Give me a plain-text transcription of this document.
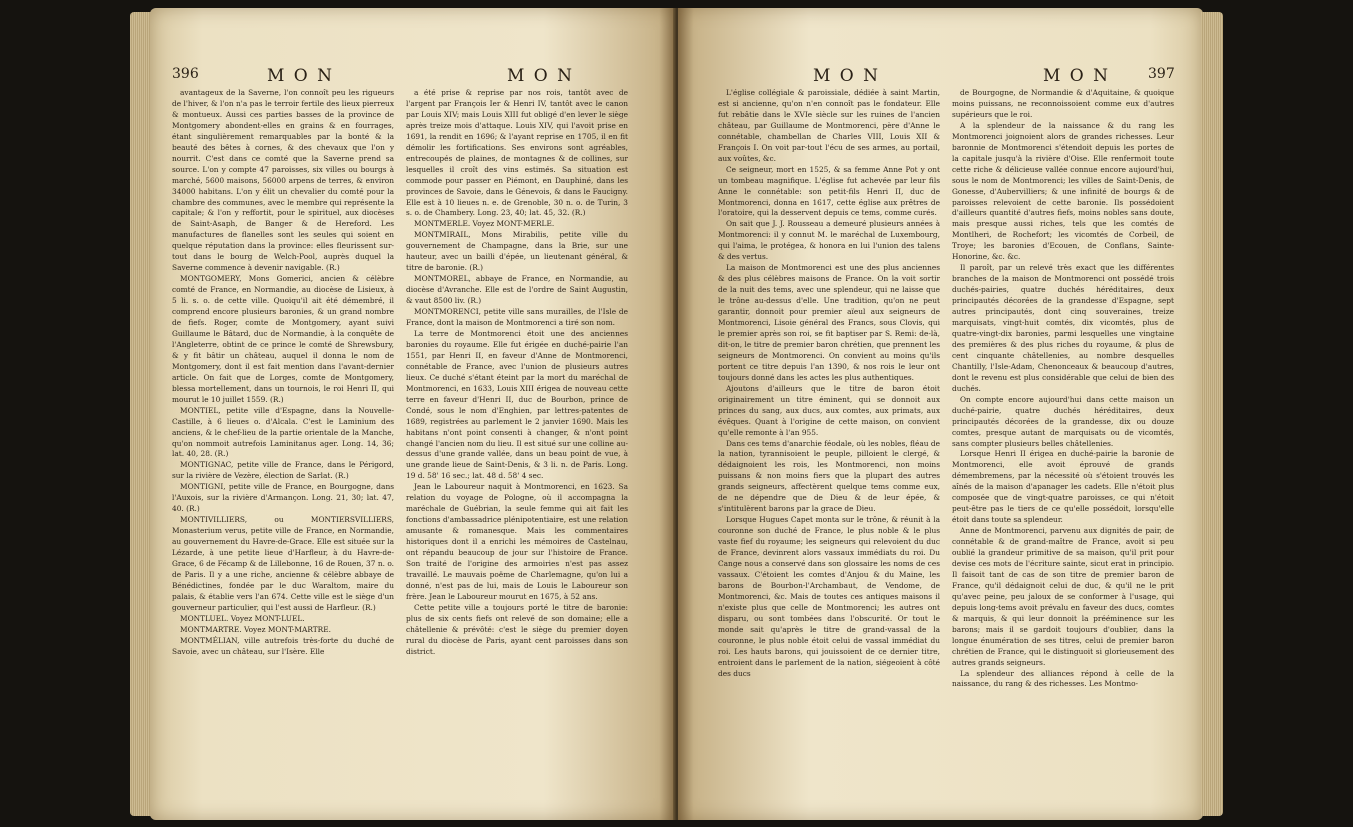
396	M O N	M O N

avantageux de la Saverne, l'on connoît peu les rigueurs de l'hiver, & l'on n'a pas le terroir fertile des lieux pierreux & montueux. Aussi ces parties basses de la province de Montgomery abondent-elles en grains & en fourrages, étant singulièrement remarquables par la bonté & la beauté des bêtes à cornes, & des chevaux que l'on y nourrit. C'est dans ce comté que la Saverne prend sa source. L'on y compte 47 paroisses, six villes ou bourgs à marché, 5600 maisons, 56000 arpens de terres, & environ 34000 habitans. L'on y élit un chevalier du comté pour la chambre des communes, avec le membre qui représente la capitale; & l'on y reffortit, pour le spirituel, aux diocèses de Saint-Asaph, de Banger & de Hereford. Les manufactures de flanelles sont les seules qui soient en quelque réputation dans la province: elles fleurissent sur-tout dans le bourg de Welch-Pool, auprès duquel la Saverne commence à devenir navigable. (R.)

MONTGOMERY, Mons Gomerici, ancien & célèbre comté de France, en Normandie, au diocèse de Lisieux, à 5 li. s. o. de cette ville. Quoiqu'il ait été démembré, il comprend encore plusieurs baronies, & un grand nombre de fiefs. Roger, comte de Montgomery, ayant suivi Guillaume le Bâtard, duc de Normandie, à la conquête de l'Angleterre, obtint de ce prince le comté de Shrewsbury, & y fit bâtir un château, auquel il donna le nom de Montgomery, dont il est fait mention dans l'avant-dernier article. On fait que de Lorges, comte de Montgomery, blessa mortellement, dans un tournois, le roi Henri II, qui mourut le 10 juillet 1559. (R.)

MONTIEL, petite ville d'Espagne, dans la Nouvelle-Castille, à 6 lieues o. d'Alcala. C'est le Laminium des anciens, & le chef-lieu de la partie orientale de la Manche, qu'on nommoit autrefois Laminitanus ager. Long. 14, 36; lat. 40, 28. (R.)

MONTIGNAC, petite ville de France, dans le Périgord, sur la rivière de Vezère, élection de Sarlat. (R.)

MONTIGNI, petite ville de France, en Bourgogne, dans l'Auxois, sur la rivière d'Armançon. Long. 21, 30; lat. 47, 40. (R.)

MONTIVILLIERS, ou MONTIERSVILLIERS, Monasterium verus, petite ville de France, en Normandie, au gouvernement du Havre-de-Grace. Elle est située sur la Lézarde, à une petite lieue d'Harfleur, à du Havre-de-Grace, 6 de Fécamp & de Lillebonne, 16 de Rouen, 37 n. o. de Paris. Il y a une riche, ancienne & célèbre abbaye de Bénédictines, fondée par le duc Waraltom, maire du palais, & établie vers l'an 674. Cette ville est le siège d'un gouverneur particulier, qui l'est aussi de Harfleur. (R.)

MONTLUEL. Voyez MONT-LUEL.

MONTMARTRE. Voyez MONT-MARTRE.

MONTMÉLIAN, ville autrefois très-forte du duché de Savoie, avec un château, sur l'Isère. Elle

a été prise & reprise par nos rois, tantôt avec de l'argent par François Ier & Henri IV, tantôt avec le canon par Louis XIV; mais Louis XIII fut obligé d'en lever le siège après treize mois d'attaque. Louis XIV, qui l'avoit prise en 1691, la rendit en 1696; & l'ayant reprise en 1705, il en fit démolir les fortifications. Ses environs sont agréables, entrecoupés de plaines, de montagnes & de collines, sur lesquelles il croît des vins estimés. Sa situation est commode pour passer en Piémont, en Dauphiné, dans les provinces de Savoie, dans le Génevois, & dans le Faucigny. Elle est à 10 lieues n. e. de Grenoble, 30 n. o. de Turin, 3 s. o. de Chambery. Long. 23, 40; lat. 45, 32. (R.)

MONTMERLE. Voyez MONT-MERLE.

MONTMIRAIL, Mons Mirabilis, petite ville du gouvernement de Champagne, dans la Brie, sur une hauteur, avec un bailli d'épée, un lieutenant général, & titre de baronie. (R.)

MONTMOREL, abbaye de France, en Normandie, au diocèse d'Avranche. Elle est de l'ordre de Saint Augustin, & vaut 8500 liv. (R.)

MONTMORENCI, petite ville sans murailles, de l'Isle de France, dont la maison de Montmorenci a tiré son nom.

La terre de Montmorenci étoit une des anciennes baronies du royaume. Elle fut érigée en duché-pairie l'an 1551, par Henri II, en faveur d'Anne de Montmorenci, connétable de France, avec l'union de plusieurs autres lieux. Ce duché s'étant éteint par la mort du maréchal de Montmorenci, en 1633, Louis XIII érigea de nouveau cette terre en faveur d'Henri II, duc de Bourbon, prince de Condé, sous le nom d'Enghien, par lettres-patentes de 1689, registrées au parlement le 2 janvier 1690. Mais les habitans n'ont point consenti à changer, & n'ont point changé l'ancien nom du lieu. Il est situé sur une colline au-dessus d'une grande vallée, dans un beau point de vue, à une grande lieue de Saint-Denis, & 3 li. n. de Paris. Long. 19 d. 58' 16 sec.; lat. 48 d. 58' 4 sec.

Jean le Laboureur naquit à Montmorenci, en 1623. Sa relation du voyage de Pologne, où il accompagna la maréchale de Guébrian, la seule femme qui ait fait les fonctions d'ambassadrice plénipotentiaire, est une relation amusante & romanesque. Mais les commentaires historiques dont il a enrichi les mémoires de Castelnau, ont répandu beaucoup de jour sur l'histoire de France. Son traité de l'origine des armoiries n'est pas assez travaillé. Le mauvais poëme de Charlemagne, qu'on lui a donné, n'est pas de lui, mais de Louis le Laboureur son frère. Jean le Laboureur mourut en 1675, à 52 ans.

Cette petite ville a toujours porté le titre de baronie: plus de six cents fiefs ont relevé de son domaine; elle a châtellenie & prévôté: c'est le siège du premier doyen rural du diocèse de Paris, ayant cent paroisses dans son district.

M O N	M O N	397

L'église collégiale & paroissiale, dédiée à saint Martin, est si ancienne, qu'on n'en connoît pas le fondateur. Elle fut rebâtie dans le XVIe siècle sur les ruines de l'ancien château, par Guillaume de Montmorenci, père d'Anne le connétable, chambellan de Charles VIII, Louis XII & François I. On voit par-tout l'écu de ses armes, au portail, aux voûtes, &c.

Ce seigneur, mort en 1525, & sa femme Anne Pot y ont un tombeau magnifique. L'église fut achevée par leur fils Anne le connétable: son petit-fils Henri II, duc de Montmorenci, donna en 1617, cette église aux prêtres de l'oratoire, qui la desservent depuis ce tems, comme curés.

On sait que J. J. Rousseau a demeuré plusieurs années à Montmorenci: il y connut M. le maréchal de Luxembourg, qui l'aima, le protégea, & honora en lui l'union des talens & des vertus.

La maison de Montmorenci est une des plus anciennes & des plus célèbres maisons de France. On la voit sortir de la nuit des tems, avec une splendeur, qui ne laisse que le trône au-dessus d'elle. Une tradition, qu'on ne peut garantir, donnoit pour premier aïeul aux seigneurs de Montmorenci, Lisoie général des Francs, sous Clovis, qui le premier après son roi, se fit baptiser par S. Remi: de-là, dit-on, le titre de premier baron chrétien, que prennent les seigneurs de Montmorenci. On convient au moins qu'ils portent ce titre depuis l'an 1390, & nos rois le leur ont toujours donné dans les actes les plus authentiques.

Ajoutons d'ailleurs que le titre de baron étoit originairement un titre éminent, qui se donnoit aux princes du sang, aux ducs, aux comtes, aux primats, aux évêques. Quant à l'origine de cette maison, on convient qu'elle remonte à l'an 955.

Dans ces tems d'anarchie féodale, où les nobles, fléau de la nation, tyrannisoient le peuple, pilloient le clergé, & dédaignoient les rois, les Montmorenci, non moins puissans & non moins fiers que la plupart des autres grands seigneurs, affectèrent quelque tems comme eux, de ne dépendre que de Dieu & de leur épée, & s'intitulèrent barons par la grace de Dieu.

Lorsque Hugues Capet monta sur le trône, & réunit à la couronne son duché de France, le plus noble & le plus vaste fief du royaume; les seigneurs qui relevoient du duc de France, devinrent alors vassaux immédiats du roi. Du Cange nous a conservé dans son glossaire les noms de ces vassaux. C'étoient les comtes d'Anjou & du Maine, les barons de Bourbon-l'Archambaut, de Vendome, de Montmorenci, &c. Mais de toutes ces antiques maisons il n'existe plus que celle de Montmorenci; les autres ont disparu, ou sont tombées dans l'obscurité. Or tout le monde sait qu'après le titre de grand-vassal de la couronne, le plus noble étoit celui de vassal immédiat du roi. Les hauts barons, qui jouissoient de ce dernier titre, entroient dans le parlement de la nation, siégeoient à côté des ducs

de Bourgogne, de Normandie & d'Aquitaine, & quoique moins puissans, ne reconnoissoient comme eux d'autres supérieurs que le roi.

A la splendeur de la naissance & du rang les Montmorenci joignoient alors de grandes richesses. Leur baronnie de Montmorenci s'étendoit depuis les portes de la capitale jusqu'à la rivière d'Oise. Elle renfermoit toute cette riche & délicieuse vallée connue encore aujourd'hui, sous le nom de Montmorenci; les villes de Saint-Denis, de Gonesse, d'Aubervilliers; & une infinité de bourgs & de paroisses relevoient de cette baronie. Ils possédoient d'ailleurs quantité d'autres fiefs, moins nobles sans doute, mais presque aussi riches, tels que les comtés de Montlheri, de Rochefort; les vicomtés de Corbeil, de Troye; les baronies d'Ecouen, de Conflans, Sainte-Honorine, &c. &c.

Il paroît, par un relevé très exact que les différentes branches de la maison de Montmorenci ont possédé trois duchés-pairies, quatre duchés héréditaires, deux principautés décorées de la grandesse d'Espagne, sept autres principautés, dont cinq souveraines, treize marquisats, vingt-huit comtés, dix vicomtés, plus de quatre-vingt-dix baronies, parmi lesquelles une vingtaine des premières & des plus riches du royaume, & plus de cent cinquante châtellenies, au nombre desquelles Chantilly, l'Isle-Adam, Chenonceaux & beaucoup d'autres, dont le revenu est plus considérable que celui de bien des duchés.

On compte encore aujourd'hui dans cette maison un duché-pairie, quatre duchés héréditaires, deux principautés décorées de la grandesse, dix ou douze comtes, presque autant de marquisats ou de vicomtés, sans compter plusieurs belles châtellenies.

Lorsque Henri II érigea en duché-pairie la baronie de Montmorenci, elle avoit éprouvé de grands démembremens, par la nécessité où s'étoient trouvés les aînés de la maison d'apanager les cadets. Elle n'étoit plus composée que de vingt-quatre paroisses, ce qui n'étoit peut-être pas le tiers de ce qu'elle possédoit, lorsqu'elle étoit dans toute sa splendeur.

Anne de Montmorenci, parvenu aux dignités de pair, de connétable & de grand-maître de France, avoit si peu oublié la grandeur primitive de sa maison, qu'il prit pour devise ces mots de l'écriture sainte, sicut erat in principio. Il faisoit tant de cas de son titre de premier baron de France, qu'il dédaignoit celui de duc, & qu'il ne le prit qu'avec peine, peu jaloux de se conformer à l'usage, qui depuis long-tems avoit prévalu en faveur des ducs, comtes & marquis, & qui leur donnoit la prééminence sur les barons; mais il se gardoit toujours d'oublier, dans la longue énumération de ses titres, celui de premier baron chrétien de France, qui le distinguoit si glorieusement des autres grands seigneurs.

La splendeur des alliances répond à celle de la naissance, du rang & des richesses. Les Montmo-
